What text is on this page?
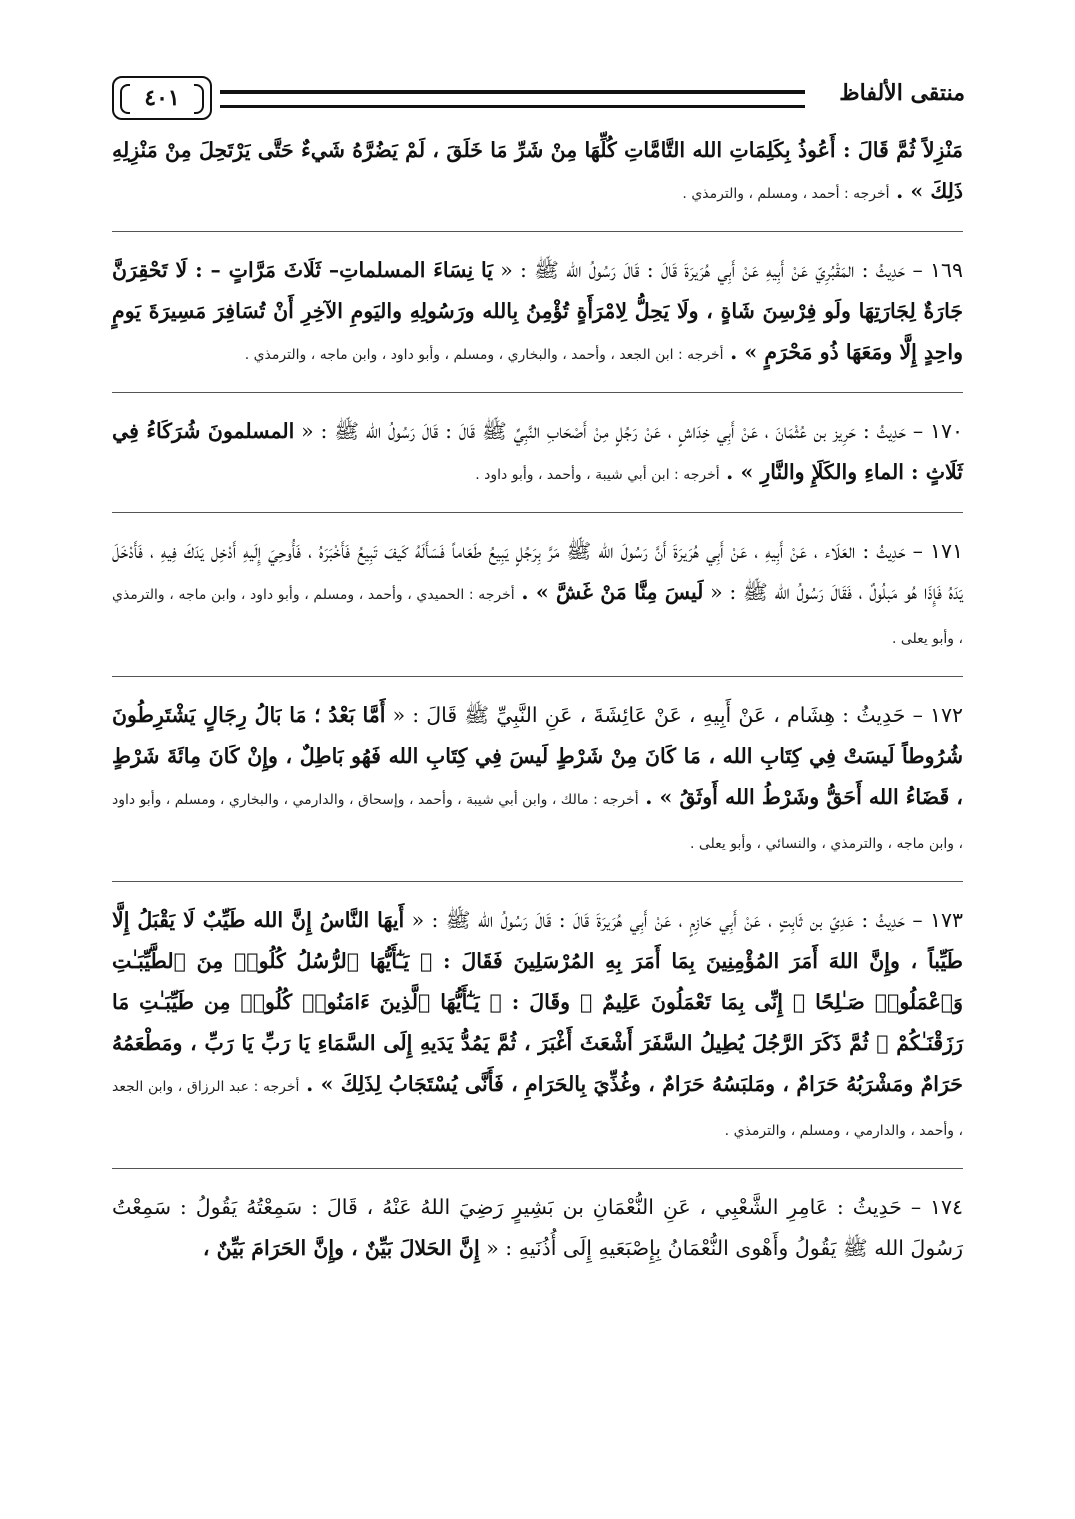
٤٠١	منتقى الألفاظ

مَنْزِلاً ثُمَّ قَالَ : أَعُوذُ بِكَلِمَاتِ الله التَّامَّاتِ كُلِّهَا مِنْ شَرِّ مَا خَلَقَ ، لَمْ يَضُرَّهُ شَيءٌ حَتَّى يَرْتَحِلَ مِنْ مَنْزِلِهِ ذَلِكَ » . أخرجه : أحمد ، ومسلم ، والترمذي .

١٦٩ – حَدِيثُ : المَقْبُرِيّ عَنْ أَبِيهِ عَنْ أَبِي هُرَيرَةَ قَالَ : قَالَ رَسُولُ الله ﷺ : « يَا نِسَاءَ المسلماتِ– ثَلَاثَ مَرَّاتٍ – : لَا تَحْقِرَنَّ جَارَةٌ لِجَارَتِهَا ولَو فِرْسِنَ شَاةٍ ، ولَا يَحِلُّ لِامْرَأَةٍ تُؤْمِنُ بِالله ورَسُولِهِ واليَومِ الآخِرِ أَنْ تُسَافِرَ مَسِيرَةَ يَومٍ واحِدٍ إِلَّا ومَعَهَا ذُو مَحْرَمٍ » . أخرجه : ابن الجعد ، وأحمد ، والبخاري ، ومسلم ، وأبو داود ، وابن ماجه ، والترمذي .

١٧٠ – حَدِيثُ : حَرِيز بن عُثْمَانَ ، عَنْ أَبِي خِدَاشٍ ، عَنْ رَجُلٍ مِنْ أَصْحَابِ النَّبِيِّ ﷺ قَالَ : قَالَ رَسُولُ الله ﷺ : « المسلمونَ شُرَكَاءُ فِي ثَلَاثٍ : الماءِ والكَلَإِ والنَّارِ » . أخرجه : ابن أبي شيبة ، وأحمد ، وأبو داود .

١٧١ – حَدِيثُ : العَلَاء ، عَنْ أَبِيهِ ، عَنْ أَبِي هُرَيرَةَ أَنَّ رَسُولَ الله ﷺ مَرَّ بِرَجُلٍ يَبِيعُ طَعَاماً فَسَأَلَهُ كَيفَ تَبِيعُ فَأَخْبَرَهُ ، فَأُوحِيَ إِلَيهِ أَدْخِل يَدَكَ فِيهِ ، فَأَدْخَلَ يَدَهُ فَإِذَا هُو مَبلُولٌ ، فَقَالَ رَسُولُ الله ﷺ : « لَيسَ مِنَّا مَنْ غَشَّ » . أخرجه : الحميدي ، وأحمد ، ومسلم ، وأبو داود ، وابن ماجه ، والترمذي ، وأبو يعلى .

١٧٢ – حَدِيثُ : هِشَام ، عَنْ أَبِيهِ ، عَنْ عَائِشَةَ ، عَنِ النَّبِيِّ ﷺ قَالَ : « أَمَّا بَعْدُ ؛ مَا بَالُ رِجَالٍ يَشْتَرِطُونَ شُرُوطاً لَيسَتْ فِي كِتَابِ الله ، مَا كَانَ مِنْ شَرْطٍ لَيسَ فِي كِتَابِ الله فَهُو بَاطِلٌ ، وإِنْ كَانَ مِائَةَ شَرْطٍ ، قَضَاءُ الله أَحَقُّ وشَرْطُ الله أَوثَقُ » . أخرجه : مالك ، وابن أبي شيبة ، وأحمد ، وإسحاق ، والدارمي ، والبخاري ، ومسلم ، وأبو داود ، وابن ماجه ، والترمذي ، والنسائي ، وأبو يعلى .

١٧٣ – حَدِيثُ : عَدِيّ بن ثَابِتٍ ، عَنْ أَبِي حَازِمٍ ، عَنْ أَبِي هُرَيرَةَ قَالَ : قَالَ رَسُولُ الله ﷺ : « أَيهَا النَّاسُ إِنَّ الله طَيِّبٌ لَا يَقْبَلُ إِلَّا طَيِّباً ، وإِنَّ اللهَ أَمَرَ المُؤْمِنِينَ بِمَا أَمَرَ بِهِ المُرْسَلِينَ فَقَالَ : ﴿ يَـٰٓأَيُّهَا ٱلرُّسُلُ كُلُوا۟ مِنَ ٱلطَّيِّبَـٰتِ وَٱعْمَلُوا۟ صَـٰلِحًا ۖ إِنِّى بِمَا تَعْمَلُونَ عَلِيمٌ ﴾ وقَالَ : ﴿ يَـٰٓأَيُّهَا ٱلَّذِينَ ءَامَنُوا۟ كُلُوا۟ مِن طَيِّبَـٰتِ مَا رَزَقْنَـٰكُمْ ﴾ ثُمَّ ذَكَرَ الرَّجُلَ يُطِيلُ السَّفَرَ أَشْعَثَ أَغْبَرَ ، ثُمَّ يَمُدُّ يَدَيهِ إِلَى السَّمَاءِ يَا رَبِّ يَا رَبِّ ، ومَطْعَمُهُ حَرَامٌ ومَشْرَبُهُ حَرَامٌ ، ومَلبَسُهُ حَرَامٌ ، وغُذِّيَ بِالحَرَامِ ، فَأَنَّى يُسْتَجَابُ لِذَلِكَ » . أخرجه : عبد الرزاق ، وابن الجعد ، وأحمد ، والدارمي ، ومسلم ، والترمذي .

١٧٤ – حَدِيثُ : عَامِرِ الشَّعْبِي ، عَنِ النُّعْمَانِ بن بَشِيرٍ رَضِيَ اللهُ عَنْهُ ، قَالَ : سَمِعْتُهُ يَقُولُ : سَمِعْتُ رَسُولَ الله ﷺ يَقُولُ وأَهْوى النُّعْمَانُ بِإِصْبَعَيهِ إِلَى أُذُنَيهِ : « إِنَّ الحَلالَ بَيِّنٌ ، وإِنَّ الحَرَامَ بَيِّنٌ ،
